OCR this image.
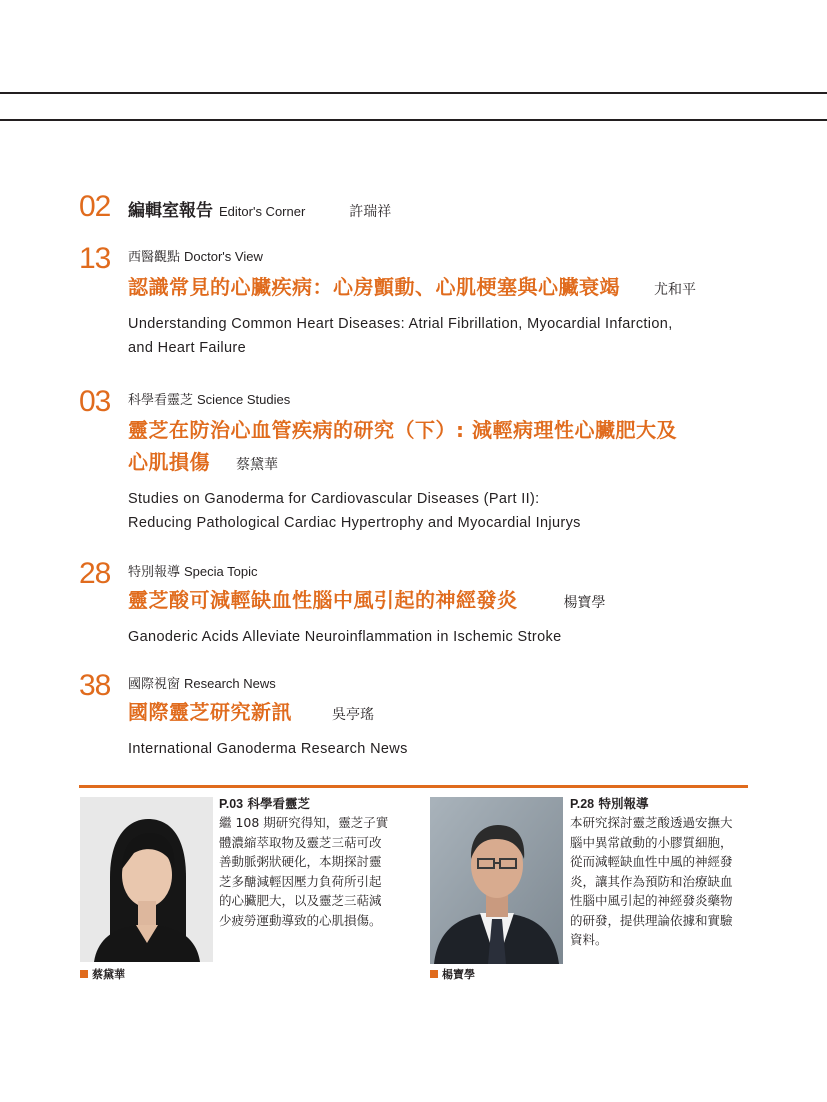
02 編輯室報告 Editor's Corner	許瑞祥
13 西醫觀點 Doctor's View
認識常見的心臟疾病：心房顫動、心肌梗塞與心臟衰竭 尤和平
Understanding Common Heart Diseases: Atrial Fibrillation, Myocardial Infarction,
and Heart Failure
03 科學看靈芝 Science Studies
靈芝在防治心血管疾病的研究（下）: 減輕病理性心臟肥大及
心肌損傷 蔡黛華
Studies on Ganoderma for Cardiovascular Diseases (Part II):
Reducing Pathological Cardiac Hypertrophy and Myocardial Injurys
28 特別報導 Specia Topic
靈芝酸可減輕缺血性腦中風引起的神經發炎	楊寶學
Ganoderic Acids Alleviate Neuroinflammation in Ischemic Stroke
38 國際視窗 Research News
國際靈芝研究新訊	吳亭瑤
International Ganoderma Research News
蔡黛華
P.03 科學看靈芝
繼 108 期研究得知，靈芝子實
體濃縮萃取物及靈芝三萜可改
善動脈粥狀硬化，本期探討靈
芝多醣減輕因壓力負荷所引起
的心臟肥大，以及靈芝三萜減
少疲勞運動導致的心肌損傷。
楊寶學
P.28 特別報導
本研究探討靈芝酸透過安撫大
腦中異常啟動的小膠質細胞，
從而減輕缺血性中風的神經發
炎，讓其作為預防和治療缺血
性腦中風引起的神經發炎藥物
的研發，提供理論依據和實驗
資料。
